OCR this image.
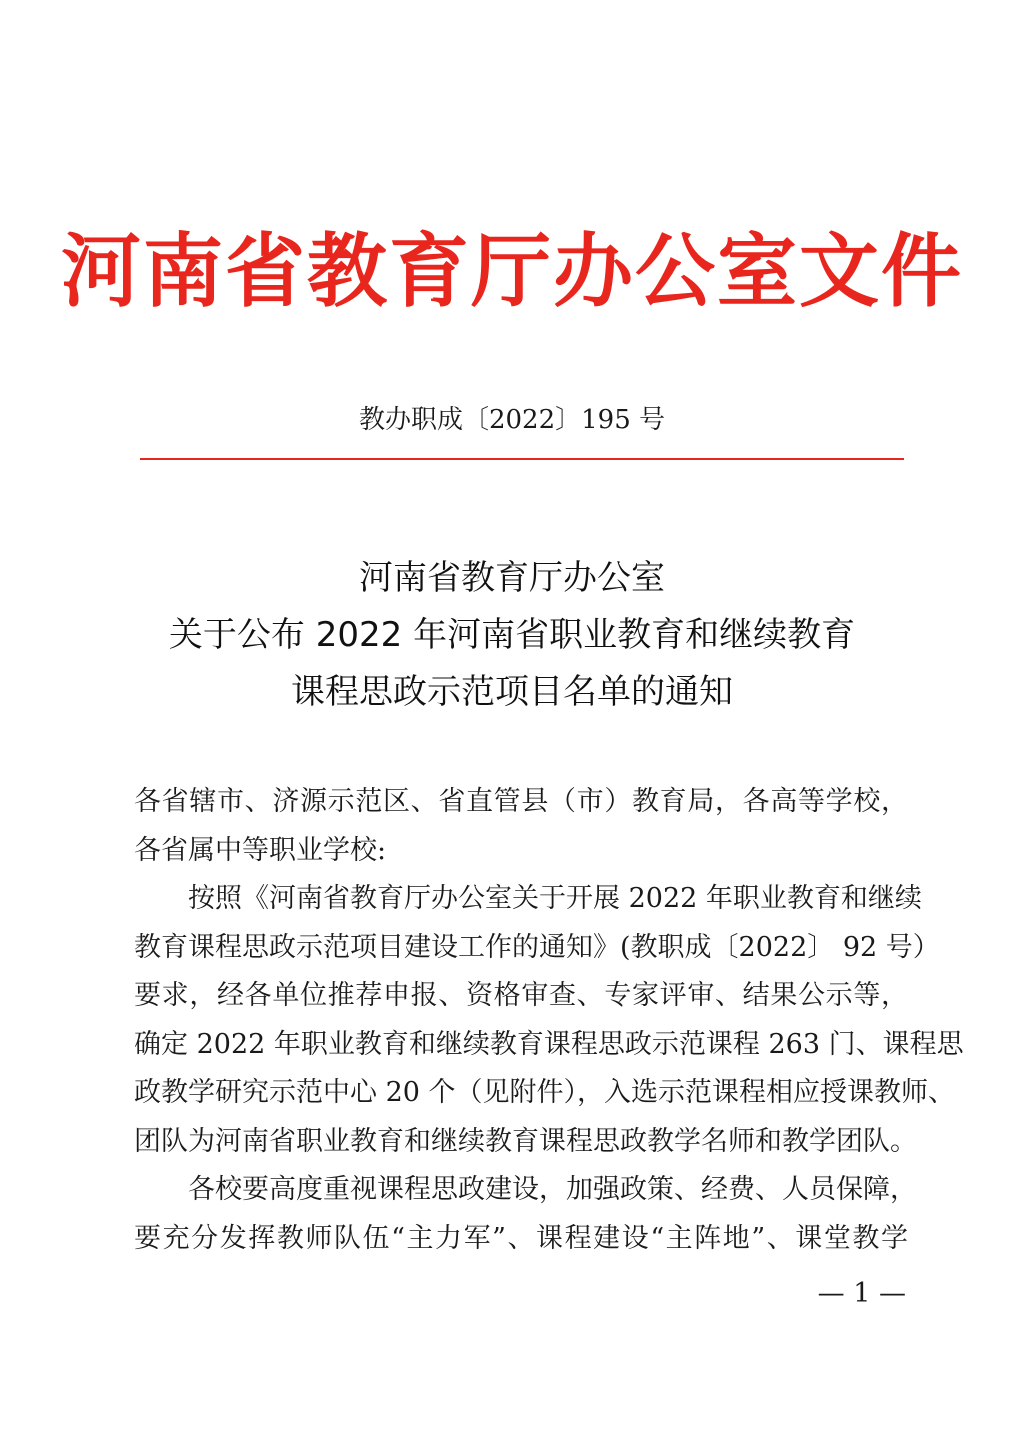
河南省教育厅办公室文件
教办职成〔2022〕195 号
河南省教育厅办公室
关于公布 2022 年河南省职业教育和继续教育
课程思政示范项目名单的通知
各省辖市、济源示范区、省直管县（市）教育局，各高等学校，
各省属中等职业学校:
按照《河南省教育厅办公室关于开展 2022 年职业教育和继续
教育课程思政示范项目建设工作的通知》(教职成〔2022〕 92 号）
要求，经各单位推荐申报、资格审查、专家评审、结果公示等，
确定 2022 年职业教育和继续教育课程思政示范课程 263 门、课程思
政教学研究示范中心 20 个（见附件），入选示范课程相应授课教师、
团队为河南省职业教育和继续教育课程思政教学名师和教学团队。
各校要高度重视课程思政建设，加强政策、经费、人员保障，
要充分发挥教师队伍“主力军”、课程建设“主阵地”、课堂教学
— 1 —
